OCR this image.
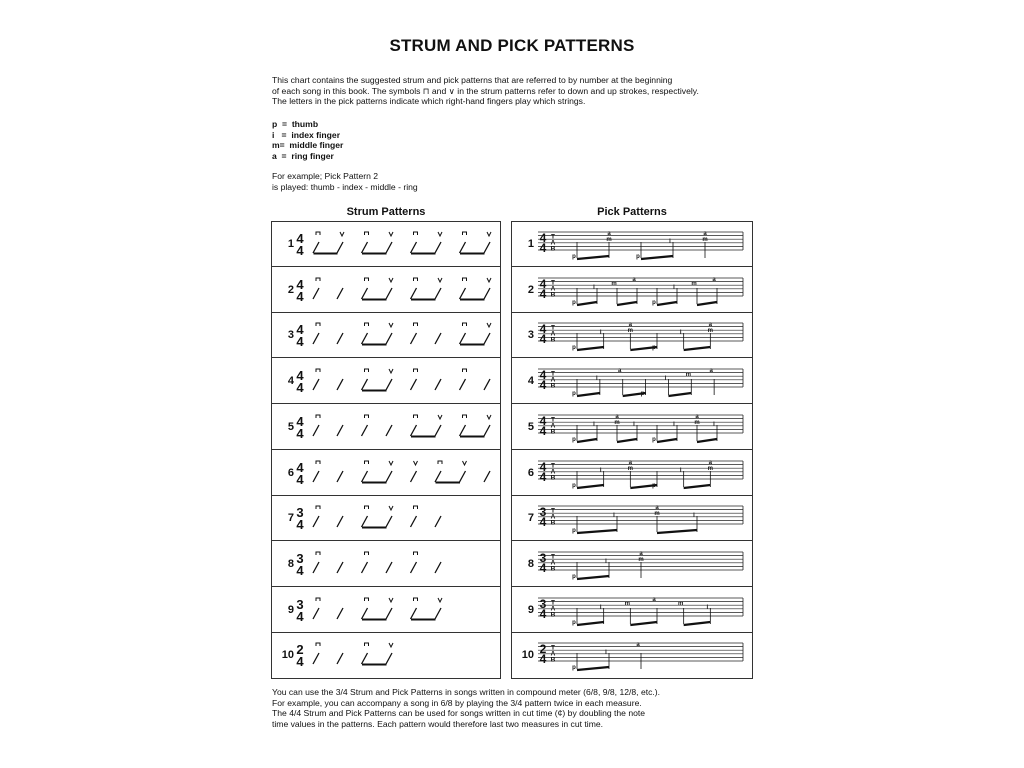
STRUM AND PICK PATTERNS
This chart contains the suggested strum and pick patterns that are referred to by number at the beginning
of each song in this book. The symbols ⊓ and ∨ in the strum patterns refer to down and up strokes, respectively.
The letters in the pick patterns indicate which right-hand fingers play which strings.
p  =  thumb
i   =  index finger
m=  middle finger
a  =  ring finger
For example; Pick Pattern 2
is played: thumb - index - middle - ring
Strum Patterns	Pick Patterns
1 4
4
2 4
4
3 4
4
4 4
4
5 4
4
6 4
4
7 3
4
8 3
4
9 3
4
10 2
4
1 4
4
T
A
B
p
a
m
p
i
a
m
2 4
4
T
A
B
p
i
m
a
p
i
m
a
3 4
4
T
A
B
p
i
a
m	i
a
m
4 4
4
T
A
B
p
i
a
i
m
a
5 4
4
T
A
B
p
i
a
m i
p
i
a
m i
6 4
4
T
A
B
p
i
a
m	i
a
m
7 3
4
T
A
B
p
i
a
m	i
8 3
4
T
A
B
p
i
a
m
9 3
4
T
A
B
p
i
m
a
m
i
10 2
4
T
A
B
p
i
a
You can use the 3/4 Strum and Pick Patterns in songs written in compound meter (6/8, 9/8, 12/8, etc.).
For example, you can accompany a song in 6/8 by playing the 3/4 pattern twice in each measure.
The 4/4 Strum and Pick Patterns can be used for songs written in cut time (¢) by doubling the note
time values in the patterns. Each pattern would therefore last two measures in cut time.
